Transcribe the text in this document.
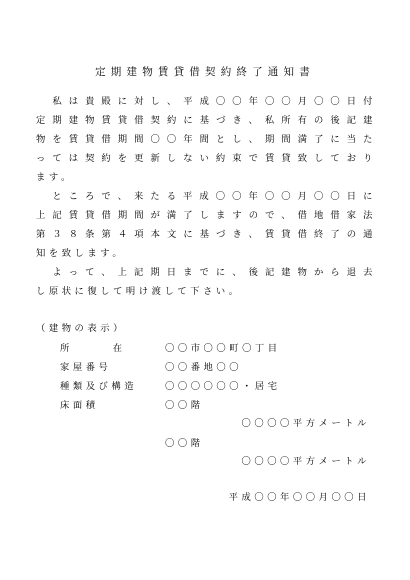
定期建物賃貸借契約終了通知書
　私は貴殿に対し、平成〇〇年〇〇月〇〇日付
定期建物賃貸借契約に基づき、私所有の後記建
物を賃貸借期間〇〇年間とし、期間満了に当た
っては契約を更新しない約束で賃貸致しており
ます。
　ところで、来たる平成〇〇年〇〇月〇〇日に
上記賃貸借期間が満了しますので、借地借家法
第３８条第４項本文に基づき、賃貸借終了の通
知を致します。
　よって、上記期日までに、後記建物から退去
し原状に復して明け渡して下さい。
（建物の表示）
所	在	〇〇市〇〇町〇丁目
家屋番号	〇〇番地〇〇
種類及び構造	〇〇〇〇〇〇・居宅
床面積	〇〇階
〇〇〇〇平方メートル
〇〇階
〇〇〇〇平方メートル
平成〇〇年〇〇月〇〇日
